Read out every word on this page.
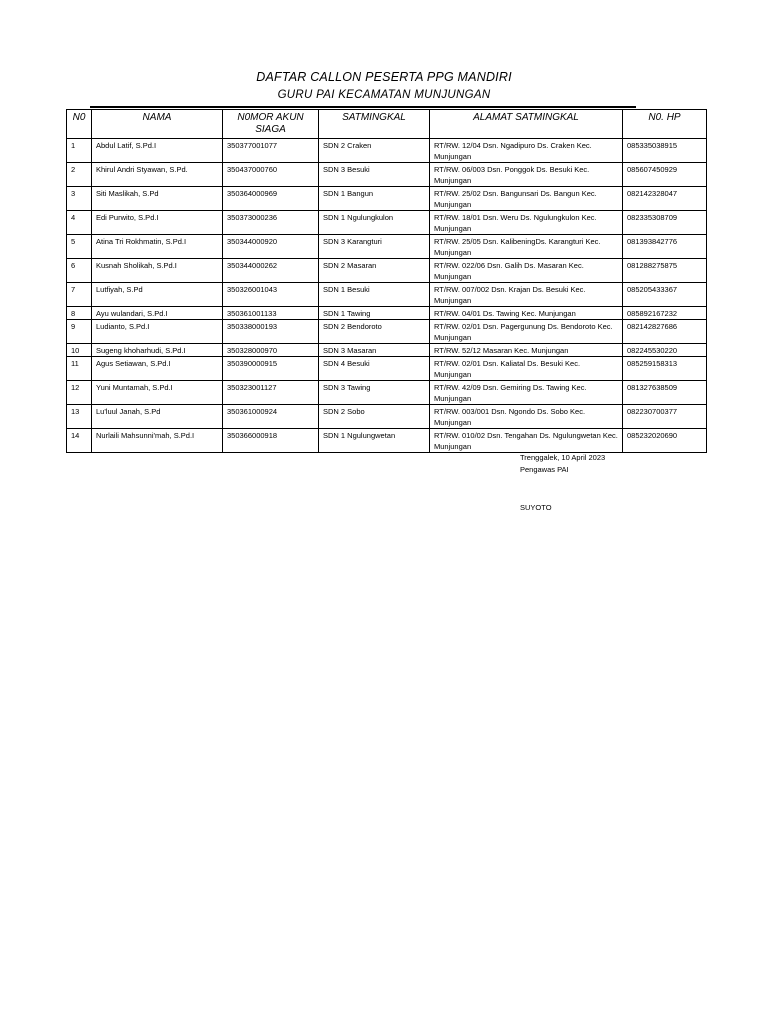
DAFTAR CALLON PESERTA PPG MANDIRI
GURU PAI KECAMATAN MUNJUNGAN
N0	NAMA	N0MOR AKUN SIAGA	SATMINGKAL	ALAMAT SATMINGKAL	N0. HP
1	Abdul Latif, S.Pd.I	350377001077	SDN 2 Craken	RT/RW. 12/04 Dsn. Ngadipuro Ds. Craken Kec. Munjungan	085335038915
2	Khirul Andri Styawan, S.Pd.	350437000760	SDN 3 Besuki	RT/RW. 06/003 Dsn. Ponggok Ds. Besuki Kec. Munjungan	085607450929
3	Siti Maslikah, S.Pd	350364000969	SDN 1 Bangun	RT/RW. 25/02 Dsn. Bangunsari Ds. Bangun Kec. Munjungan	082142328047
4	Edi Purwito, S.Pd.I	350373000236	SDN 1 Ngulungkulon	RT/RW. 18/01 Dsn. Weru Ds. Ngulungkulon Kec. Munjungan	082335308709
5	Atina Tri Rokhmatin, S.Pd.I	350344000920	SDN 3 Karangturi	RT/RW. 25/05 Dsn. KalibeningDs. Karangturi Kec. Munjungan	081393842776
6	Kusnah Sholikah, S.Pd.I	350344000262	SDN 2 Masaran	RT/RW. 022/06 Dsn. Galih Ds. Masaran Kec. Munjungan	081288275875
7	Lutfiyah, S.Pd	350326001043	SDN 1 Besuki	RT/RW. 007/002 Dsn. Krajan Ds. Besuki Kec. Munjungan	085205433367
8	Ayu wulandari, S.Pd.I	350361001133	SDN 1 Tawing	RT/RW. 04/01 Ds. Tawing Kec. Munjungan	085892167232
9	Ludianto, S.Pd.I	350338000193	SDN 2 Bendoroto	RT/RW. 02/01 Dsn. Pagergunung Ds. Bendoroto Kec. Munjungan	082142827686
10	Sugeng khoharhudi, S.Pd.I	350328000970	SDN 3 Masaran	RT/RW. 52/12 Masaran Kec. Munjungan	082245530220
11	Agus Setiawan, S.Pd.I	350390000915	SDN 4 Besuki	RT/RW. 02/01 Dsn. Kaliatal Ds. Besuki Kec. Munjungan	085259158313
12	Yuni Muntamah, S.Pd.I	350323001127	SDN 3 Tawing	RT/RW. 42/09 Dsn. Gemiring Ds. Tawing Kec. Munjungan	081327638509
13	Lu'luul Janah, S.Pd	350361000924	SDN 2 Sobo	RT/RW. 003/001 Dsn. Ngondo Ds. Sobo Kec. Munjungan	082230700377
14	Nurlaili Mahsunni'mah, S.Pd.I	350366000918	SDN 1 Ngulungwetan	RT/RW. 010/02 Dsn. Tengahan Ds. Ngulungwetan Kec. Munjungan	085232020690
Trenggalek, 10 April 2023
Pengawas PAI
SUYOTO
